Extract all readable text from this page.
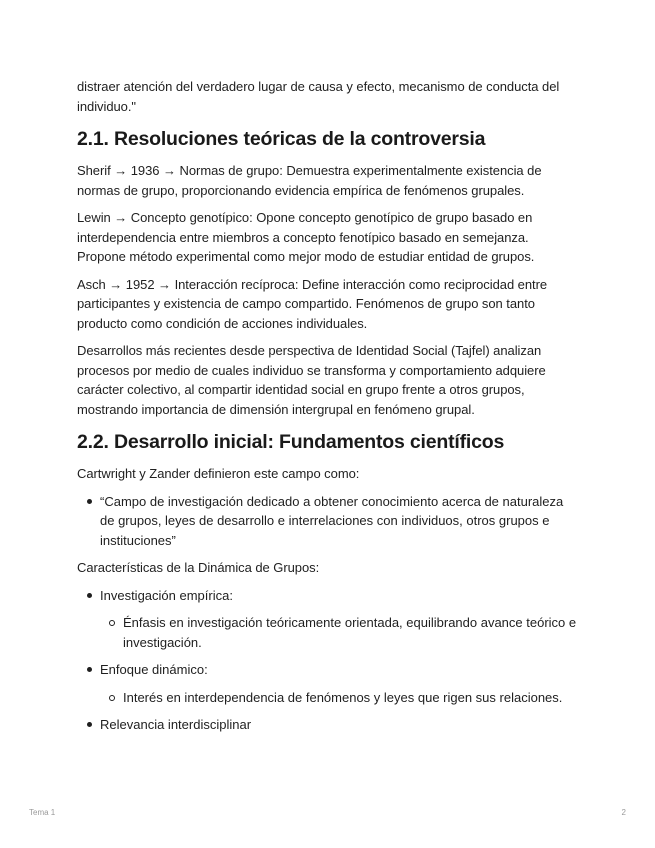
distraer atención del verdadero lugar de causa y efecto, mecanismo de conducta del individuo."

2.1. Resoluciones teóricas de la controversia

Sherif → 1936 → Normas de grupo: Demuestra experimentalmente existencia de normas de grupo, proporcionando evidencia empírica de fenómenos grupales.

Lewin → Concepto genotípico: Opone concepto genotípico de grupo basado en interdependencia entre miembros a concepto fenotípico basado en semejanza. Propone método experimental como mejor modo de estudiar entidad de grupos.

Asch → 1952 → Interacción recíproca: Define interacción como reciprocidad entre participantes y existencia de campo compartido. Fenómenos de grupo son tanto producto como condición de acciones individuales.

Desarrollos más recientes desde perspectiva de Identidad Social (Tajfel) analizan procesos por medio de cuales individuo se transforma y comportamiento adquiere carácter colectivo, al compartir identidad social en grupo frente a otros grupos, mostrando importancia de dimensión intergrupal en fenómeno grupal.

2.2. Desarrollo inicial: Fundamentos científicos

Cartwright y Zander definieron este campo como:

“Campo de investigación dedicado a obtener conocimiento acerca de naturaleza de grupos, leyes de desarrollo e interrelaciones con individuos, otros grupos e instituciones”

Características de la Dinámica de Grupos:

Investigación empírica:
Énfasis en investigación teóricamente orientada, equilibrando avance teórico e investigación.
Enfoque dinámico:
Interés en interdependencia de fenómenos y leyes que rigen sus relaciones.
Relevancia interdisciplinar
Tema 1	2
